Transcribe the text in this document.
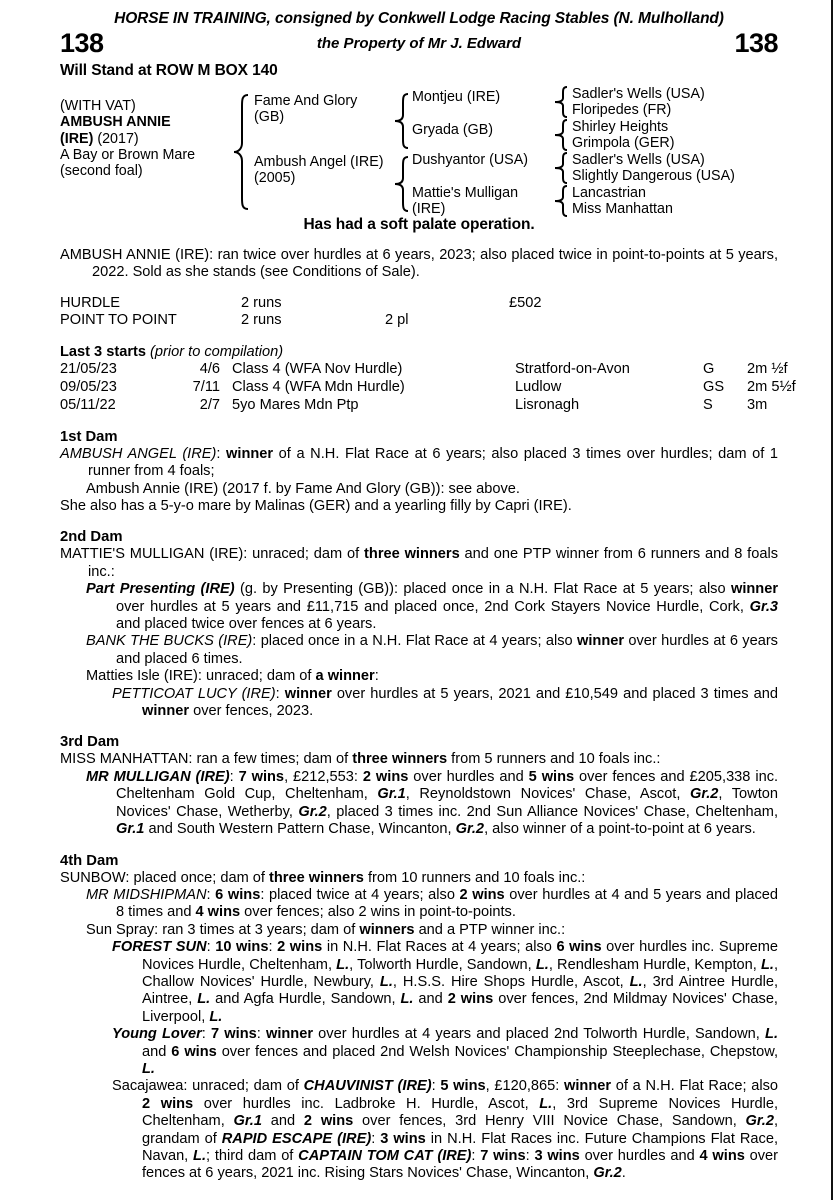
HORSE IN TRAINING, consigned by Conkwell Lodge Racing Stables (N. Mulholland)
138	the Property of Mr J. Edward	138
Will Stand at ROW M BOX 140
(WITH VAT)
AMBUSH ANNIE
(IRE) (2017)
A Bay or Brown Mare
(second foal)
Fame And Glory
(GB)
Ambush Angel (IRE)
(2005)
Montjeu (IRE)
Gryada (GB)
Dushyantor (USA)
Mattie's Mulligan
(IRE)
Sadler's Wells (USA)
Floripedes (FR)
Shirley Heights
Grimpola (GER)
Sadler's Wells (USA)
Slightly Dangerous (USA)
Lancastrian
Miss Manhattan
Has had a soft palate operation.
AMBUSH ANNIE (IRE): ran twice over hurdles at 6 years, 2023; also placed twice in point-to-points at 5 years, 2022. Sold as she stands (see Conditions of Sale).
HURDLE	2 runs	£502
POINT TO POINT	2 runs	2 pl
Last 3 starts (prior to compilation)
21/05/23	4/6 Class 4 (WFA Nov Hurdle)	Stratford-on-Avon	G 2m ½f
09/05/23	7/11 Class 4 (WFA Mdn Hurdle)	Ludlow	GS 2m 5½f
05/11/22	2/7 5yo Mares Mdn Ptp	Lisronagh	S 3m
1st Dam
AMBUSH ANGEL (IRE): winner of a N.H. Flat Race at 6 years; also placed 3 times over hurdles; dam of 1 runner from 4 foals;
Ambush Annie (IRE) (2017 f. by Fame And Glory (GB)): see above.
She also has a 5-y-o mare by Malinas (GER) and a yearling filly by Capri (IRE).
2nd Dam
MATTIE'S MULLIGAN (IRE): unraced; dam of three winners and one PTP winner from 6 runners and 8 foals inc.:
Part Presenting (IRE) (g. by Presenting (GB)): placed once in a N.H. Flat Race at 5 years; also winner over hurdles at 5 years and £11,715 and placed once, 2nd Cork Stayers Novice Hurdle, Cork, Gr.3 and placed twice over fences at 6 years.
BANK THE BUCKS (IRE): placed once in a N.H. Flat Race at 4 years; also winner over hurdles at 6 years and placed 6 times.
Matties Isle (IRE): unraced; dam of a winner:
PETTICOAT LUCY (IRE): winner over hurdles at 5 years, 2021 and £10,549 and placed 3 times and winner over fences, 2023.
3rd Dam
MISS MANHATTAN: ran a few times; dam of three winners from 5 runners and 10 foals inc.:
MR MULLIGAN (IRE): 7 wins, £212,553: 2 wins over hurdles and 5 wins over fences and £205,338 inc. Cheltenham Gold Cup, Cheltenham, Gr.1, Reynoldstown Novices' Chase, Ascot, Gr.2, Towton Novices' Chase, Wetherby, Gr.2, placed 3 times inc. 2nd Sun Alliance Novices' Chase, Cheltenham, Gr.1 and South Western Pattern Chase, Wincanton, Gr.2, also winner of a point-to-point at 6 years.
4th Dam
SUNBOW: placed once; dam of three winners from 10 runners and 10 foals inc.:
MR MIDSHIPMAN: 6 wins: placed twice at 4 years; also 2 wins over hurdles at 4 and 5 years and placed 8 times and 4 wins over fences; also 2 wins in point-to-points.
Sun Spray: ran 3 times at 3 years; dam of winners and a PTP winner inc.:
FOREST SUN: 10 wins: 2 wins in N.H. Flat Races at 4 years; also 6 wins over hurdles inc. Supreme Novices Hurdle, Cheltenham, L., Tolworth Hurdle, Sandown, L., Rendlesham Hurdle, Kempton, L., Challow Novices' Hurdle, Newbury, L., H.S.S. Hire Shops Hurdle, Ascot, L., 3rd Aintree Hurdle, Aintree, L. and Agfa Hurdle, Sandown, L. and 2 wins over fences, 2nd Mildmay Novices' Chase, Liverpool, L.
Young Lover: 7 wins: winner over hurdles at 4 years and placed 2nd Tolworth Hurdle, Sandown, L. and 6 wins over fences and placed 2nd Welsh Novices' Championship Steeplechase, Chepstow, L.
Sacajawea: unraced; dam of CHAUVINIST (IRE): 5 wins, £120,865: winner of a N.H. Flat Race; also 2 wins over hurdles inc. Ladbroke H. Hurdle, Ascot, L., 3rd Supreme Novices Hurdle, Cheltenham, Gr.1 and 2 wins over fences, 3rd Henry VIII Novice Chase, Sandown, Gr.2, grandam of RAPID ESCAPE (IRE): 3 wins in N.H. Flat Races inc. Future Champions Flat Race, Navan, L.; third dam of CAPTAIN TOM CAT (IRE): 7 wins: 3 wins over hurdles and 4 wins over fences at 6 years, 2021 inc. Rising Stars Novices' Chase, Wincanton, Gr.2.
